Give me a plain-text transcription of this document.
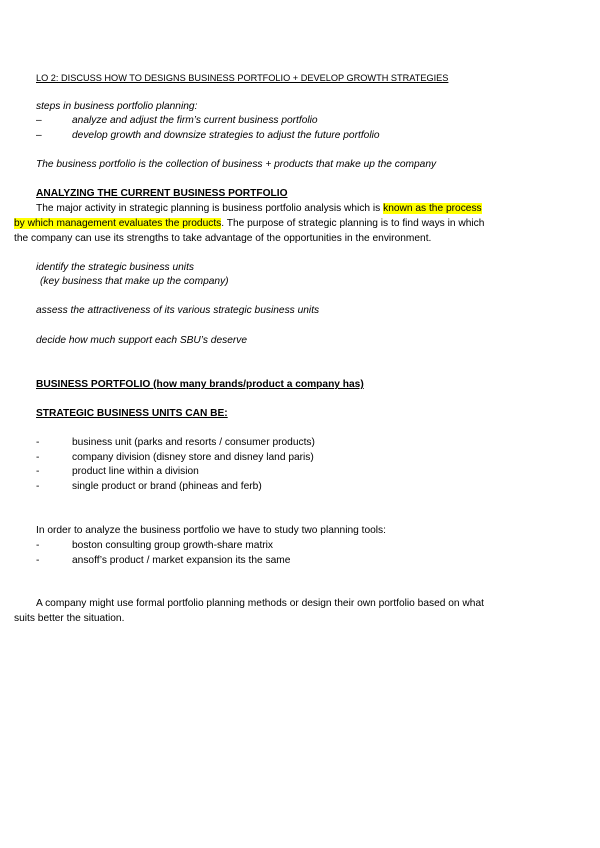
LO 2: DISCUSS HOW TO DESIGNS BUSINESS PORTFOLIO + DEVELOP GROWTH STRATEGIES
steps in business portfolio planning:
–	analyze and adjust the firm’s current business portfolio
–	develop growth and downsize strategies to adjust the future portfolio
The business portfolio is the collection of business + products that make up the company
ANALYZING THE CURRENT BUSINESS PORTFOLIO
The major activity in strategic planning is business portfolio analysis which is known as the process
by which management evaluates the products. The purpose of strategic planning is to find ways in which
the company can use its strengths to take advantage of the opportunities in the environment.
identify the strategic business units
(key business that make up the company)
assess the attractiveness of its various strategic business units
decide how much support each SBU’s deserve
BUSINESS PORTFOLIO (how many brands/product a company has)
STRATEGIC BUSINESS UNITS CAN BE:
-	business unit (parks and resorts / consumer products)
-	company division (disney store and disney land paris)
-	product line within a division
-	single product or brand (phineas and ferb)
In order to analyze the business portfolio we have to study two planning tools:
-	boston consulting group growth-share matrix
-	ansoff’s product / market expansion its the same
A company might use formal portfolio planning methods or design their own portfolio based on what
suits better the situation.
